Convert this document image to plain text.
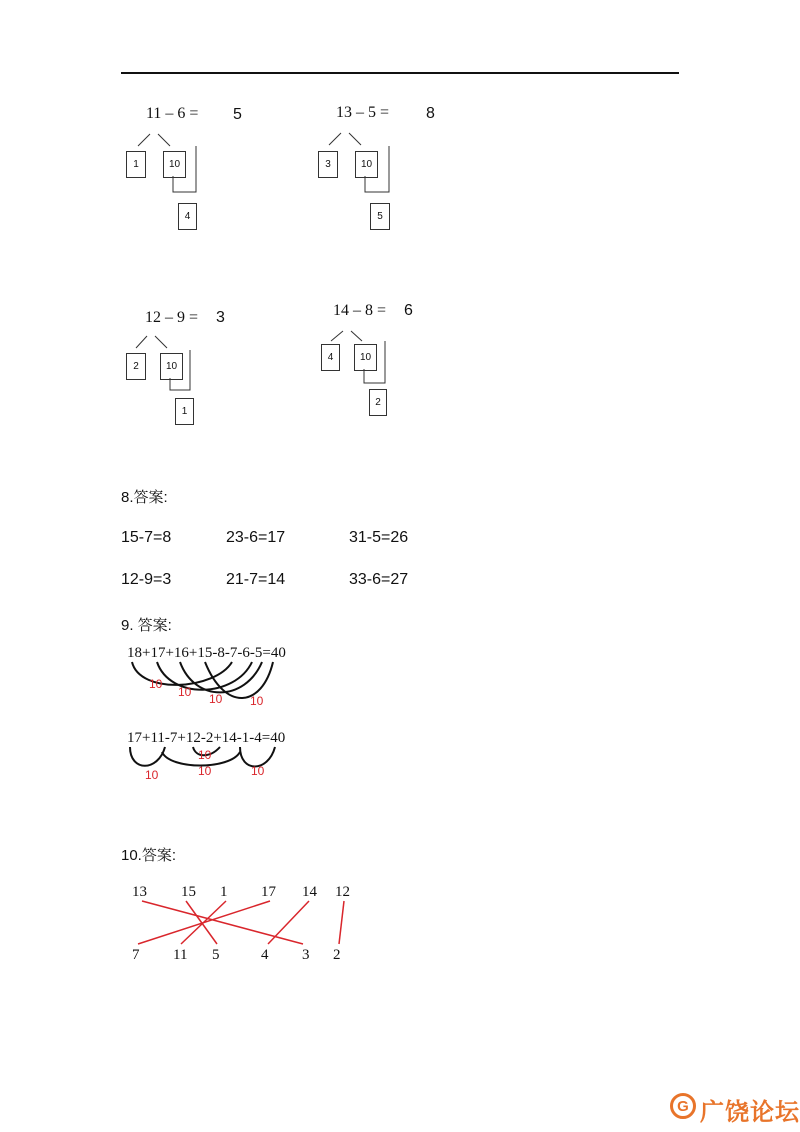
11 – 6 = 5
1	10
4
13 – 5 = 8
3	10
5
12 – 9 = 3
2	10
1
14 – 8 = 6
4	10
2
8.答案:
15-7=8	23-6=17	31-5=26
12-9=3	21-7=14	33-6=27
9. 答案:
18+17+16+15-8-7-6-5=40
10
10 10 10
17+11-7+12-2+14-1-4=40
10
10
10	10
10.答案:
13 15 1 17 14 12
7 11 5	4 3 2
G 广饶论坛
